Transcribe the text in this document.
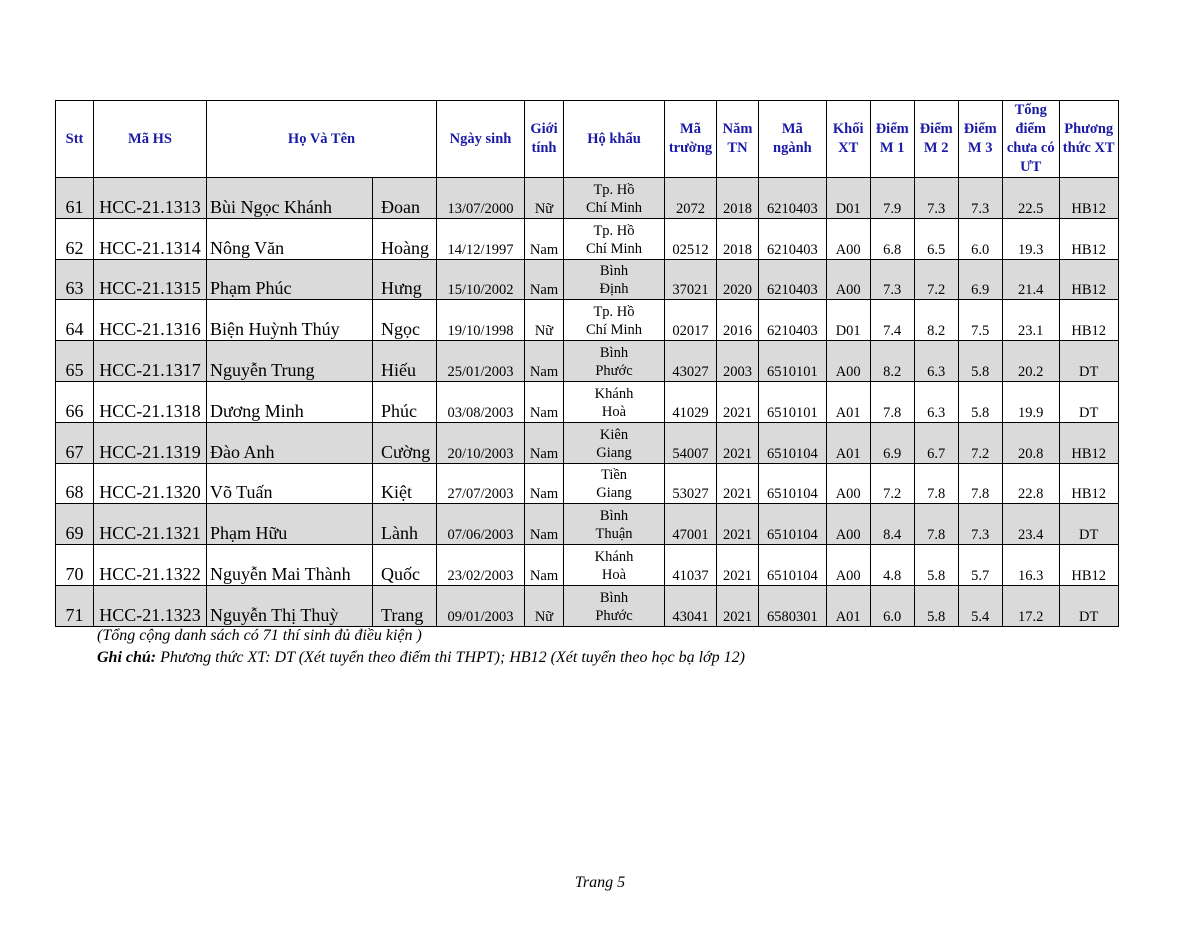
Stt	Mã HS	Họ Và Tên		Ngày sinh	Giới tính	Hộ khẩu	Mã trường	Năm TN	Mã ngành	Khối XT	Điểm M 1	Điểm M 2	Điểm M 3	Tổng điểm chưa có ƯT	Phương thức XT
61	HCC-21.1313	Bùi Ngọc Khánh	Đoan	13/07/2000	Nữ	Tp. Hồ Chí Minh	2072	2018	6210403	D01	7.9	7.3	7.3	22.5	HB12
62	HCC-21.1314	Nông Văn	Hoàng	14/12/1997	Nam	Tp. Hồ Chí Minh	02512	2018	6210403	A00	6.8	6.5	6.0	19.3	HB12
63	HCC-21.1315	Phạm Phúc	Hưng	15/10/2002	Nam	Bình Định	37021	2020	6210403	A00	7.3	7.2	6.9	21.4	HB12
64	HCC-21.1316	Biện Huỳnh Thúy	Ngọc	19/10/1998	Nữ	Tp. Hồ Chí Minh	02017	2016	6210403	D01	7.4	8.2	7.5	23.1	HB12
65	HCC-21.1317	Nguyễn Trung	Hiếu	25/01/2003	Nam	Bình Phước	43027	2003	6510101	A00	8.2	6.3	5.8	20.2	DT
66	HCC-21.1318	Dương Minh	Phúc	03/08/2003	Nam	Khánh Hoà	41029	2021	6510101	A01	7.8	6.3	5.8	19.9	DT
67	HCC-21.1319	Đào Anh	Cường	20/10/2003	Nam	Kiên Giang	54007	2021	6510104	A01	6.9	6.7	7.2	20.8	HB12
68	HCC-21.1320	Võ Tuấn	Kiệt	27/07/2003	Nam	Tiền Giang	53027	2021	6510104	A00	7.2	7.8	7.8	22.8	HB12
69	HCC-21.1321	Phạm Hữu	Lành	07/06/2003	Nam	Bình Thuận	47001	2021	6510104	A00	8.4	7.8	7.3	23.4	DT
70	HCC-21.1322	Nguyễn Mai Thành	Quốc	23/02/2003	Nam	Khánh Hoà	41037	2021	6510104	A00	4.8	5.8	5.7	16.3	HB12
71	HCC-21.1323	Nguyễn Thị Thuỳ	Trang	09/01/2003	Nữ	Bình Phước	43041	2021	6580301	A01	6.0	5.8	5.4	17.2	DT
(Tổng cộng danh sách có 71 thí sinh đủ điều kiện )
Ghi chú: Phương thức XT: DT (Xét tuyển theo điểm thi THPT); HB12 (Xét tuyển theo học bạ lớp 12)
Trang 5
